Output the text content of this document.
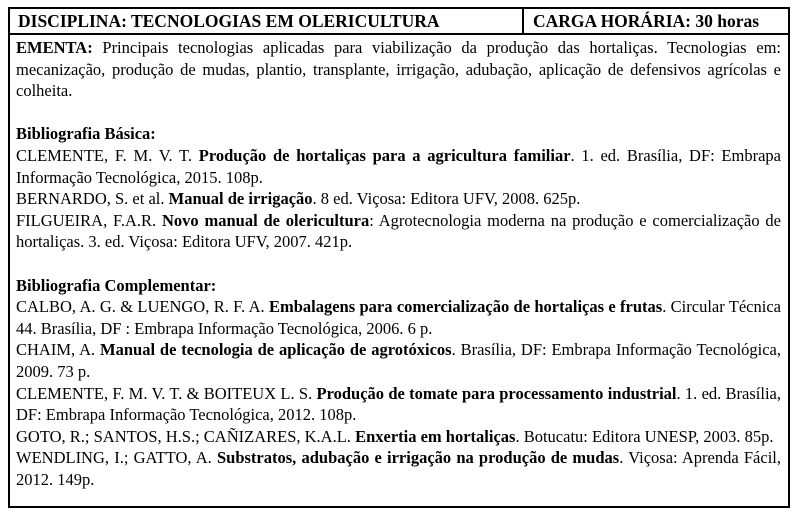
DISCIPLINA: TECNOLOGIAS EM OLERICULTURA	CARGA HORÁRIA: 30 horas

EMENTA: Principais tecnologias aplicadas para viabilização da produção das hortaliças. Tecnologias em: mecanização, produção de mudas, plantio, transplante, irrigação, adubação, aplicação de defensivos agrícolas e colheita.

Bibliografia Básica:

CLEMENTE, F. M. V. T. Produção de hortaliças para a agricultura familiar. 1. ed. Brasília, DF: Embrapa Informação Tecnológica, 2015. 108p.

BERNARDO, S. et al. Manual de irrigação. 8 ed. Viçosa: Editora UFV, 2008. 625p.

FILGUEIRA, F.A.R. Novo manual de olericultura: Agrotecnologia moderna na produção e comercialização de hortaliças. 3. ed. Viçosa: Editora UFV, 2007. 421p.

Bibliografia Complementar:

CALBO, A. G. & LUENGO, R. F. A. Embalagens para comercialização de hortaliças e frutas. Circular Técnica 44. Brasília, DF : Embrapa Informação Tecnológica, 2006. 6 p.

CHAIM, A. Manual de tecnologia de aplicação de agrotóxicos. Brasília, DF: Embrapa Informação Tecnológica, 2009. 73 p.

CLEMENTE, F. M. V. T. & BOITEUX L. S. Produção de tomate para processamento industrial. 1. ed. Brasília, DF: Embrapa Informação Tecnológica, 2012. 108p.

GOTO, R.; SANTOS, H.S.; CAÑIZARES, K.A.L. Enxertia em hortaliças. Botucatu: Editora UNESP, 2003. 85p.

WENDLING, I.; GATTO, A. Substratos, adubação e irrigação na produção de mudas. Viçosa: Aprenda Fácil, 2012. 149p.
